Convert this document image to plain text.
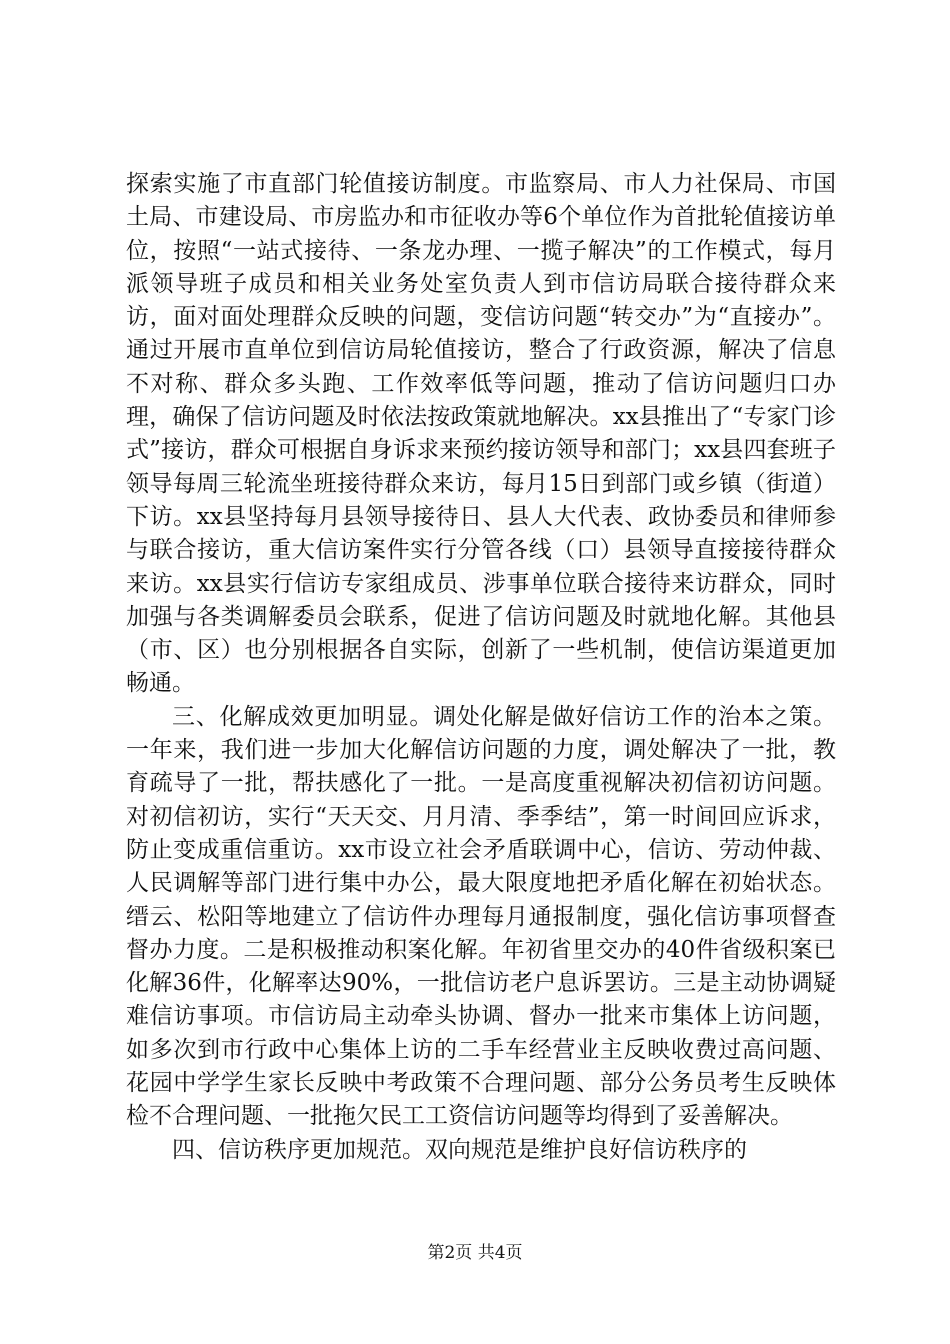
探索实施了市直部门轮值接访制度。市监察局、市人力社保局、市国土局、市建设局、市房监办和市征收办等6个单位作为首批轮值接访单位，按照“一站式接待、一条龙办理、一揽子解决”的工作模式，每月派领导班子成员和相关业务处室负责人到市信访局联合接待群众来访，面对面处理群众反映的问题，变信访问题“转交办”为“直接办”。通过开展市直单位到信访局轮值接访，整合了行政资源，解决了信息不对称、群众多头跑、工作效率低等问题，推动了信访问题归口办理，确保了信访问题及时依法按政策就地解决。xx县推出了“专家门诊式”接访，群众可根据自身诉求来预约接访领导和部门；xx县四套班子领导每周三轮流坐班接待群众来访，每月15日到部门或乡镇（街道）下访。xx县坚持每月县领导接待日、县人大代表、政协委员和律师参与联合接访，重大信访案件实行分管各线（口）县领导直接接待群众来访。xx县实行信访专家组成员、涉事单位联合接待来访群众，同时加强与各类调解委员会联系，促进了信访问题及时就地化解。其他县（市、区）也分别根据各自实际，创新了一些机制，使信访渠道更加畅通。

三、化解成效更加明显。调处化解是做好信访工作的治本之策。一年来，我们进一步加大化解信访问题的力度，调处解决了一批，教育疏导了一批，帮扶感化了一批。一是高度重视解决初信初访问题。对初信初访，实行“天天交、月月清、季季结”，第一时间回应诉求，防止变成重信重访。xx市设立社会矛盾联调中心，信访、劳动仲裁、人民调解等部门进行集中办公，最大限度地把矛盾化解在初始状态。缙云、松阳等地建立了信访件办理每月通报制度，强化信访事项督查督办力度。二是积极推动积案化解。年初省里交办的40件省级积案已化解36件，化解率达90%，一批信访老户息诉罢访。三是主动协调疑难信访事项。市信访局主动牵头协调、督办一批来市集体上访问题，如多次到市行政中心集体上访的二手车经营业主反映收费过高问题、花园中学学生家长反映中考政策不合理问题、部分公务员考生反映体检不合理问题、一批拖欠民工工资信访问题等均得到了妥善解决。

四、信访秩序更加规范。双向规范是维护良好信访秩序的

第2页 共4页
